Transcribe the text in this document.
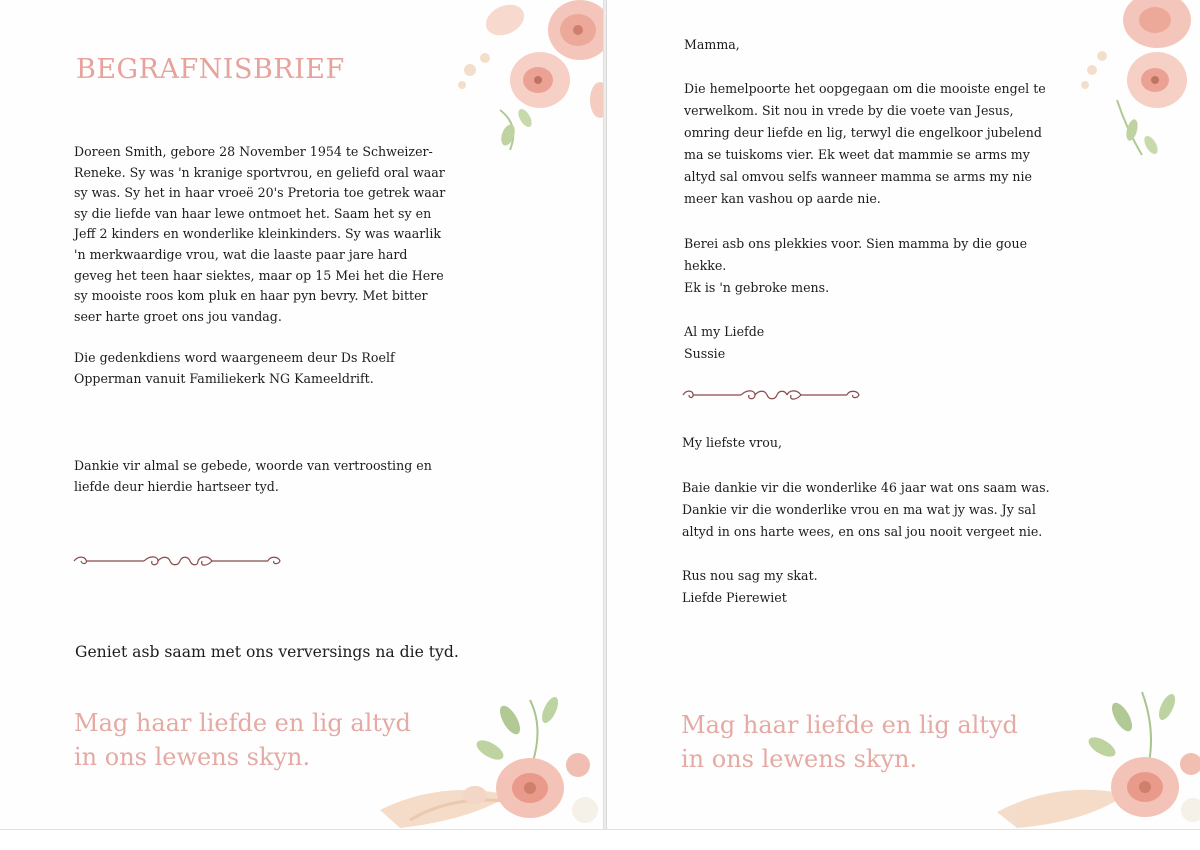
BEGRAFNISBRIEF

Doreen Smith, gebore 28 November 1954 te Schweizer-Reneke. Sy was 'n kranige sportvrou, en geliefd oral waar sy was. Sy het in haar vroeë 20's Pretoria toe getrek waar sy die liefde van haar lewe ontmoet het. Saam het sy en Jeff 2 kinders en wonderlike kleinkinders. Sy was waarlik 'n merkwaardige vrou, wat die laaste paar jare hard geveg het teen haar siektes, maar op 15 Mei het die Here sy mooiste roos kom pluk en haar pyn bevry. Met bitter seer harte groet ons jou vandag.

Die gedenkdiens word waargeneem deur Ds Roelf Opperman vanuit Familiekerk NG Kameeldrift.

Dankie vir almal se gebede, woorde van vertroosting en liefde deur hierdie hartseer tyd.

Geniet asb saam met ons verversings na die tyd.

Mag haar liefde en lig altyd
in ons lewens skyn.
Mamma,

Die hemelpoorte het oopgegaan om die mooiste engel te verwelkom. Sit nou in vrede by die voete van Jesus, omring deur liefde en lig, terwyl die engelkoor jubelend ma se tuiskoms vier. Ek weet dat mammie se arms my altyd sal omvou selfs wanneer mamma se arms my nie meer kan vashou op aarde nie.

Berei asb ons plekkies voor. Sien mamma by die goue hekke.
Ek is 'n gebroke mens.
Al my Liefde
Sussie
My liefste vrou,

Baie dankie vir die wonderlike 46 jaar wat ons saam was. Dankie vir die wonderlike vrou en ma wat jy was. Jy sal altyd in ons harte wees, en ons sal jou nooit vergeet nie.

Rus nou sag my skat.
Liefde Pierewiet
Mag haar liefde en lig altyd
in ons lewens skyn.
